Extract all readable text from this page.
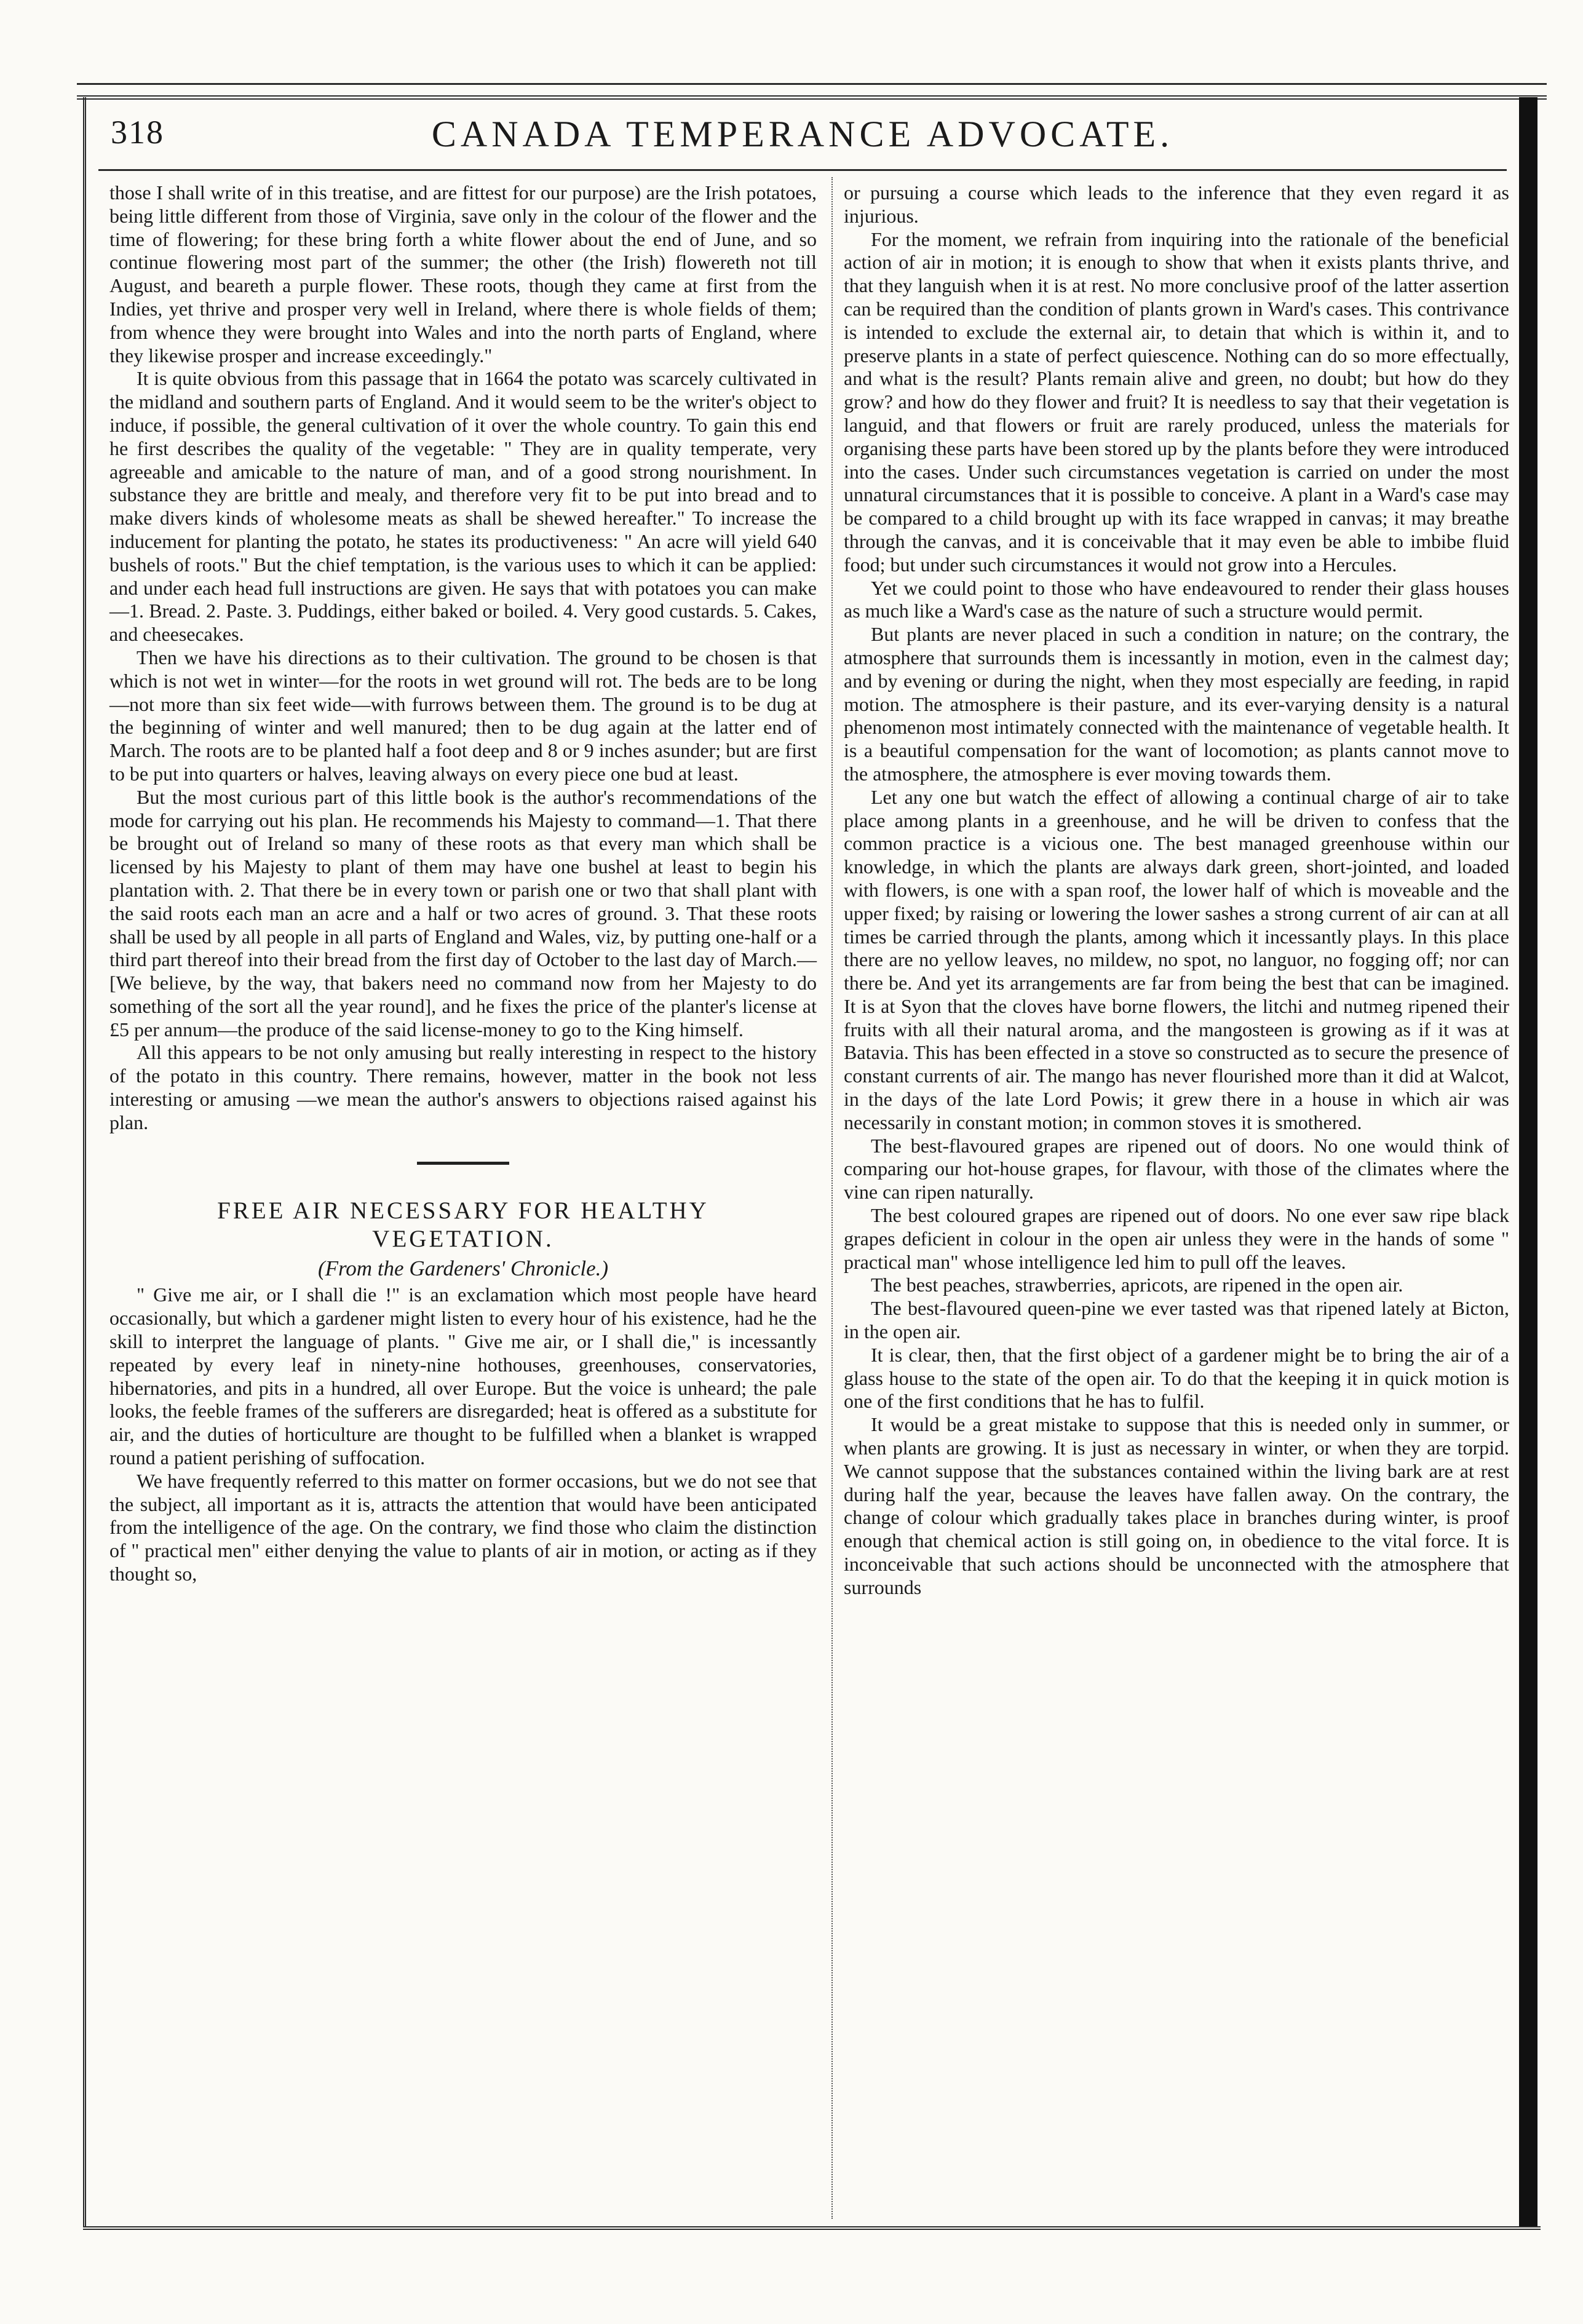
318	CANADA TEMPERANCE ADVOCATE.

those I shall write of in this treatise, and are fittest for our purpose) are the Irish potatoes, being little different from those of Virginia, save only in the colour of the flower and the time of flowering; for these bring forth a white flower about the end of June, and so continue flowering most part of the summer; the other (the Irish) flowereth not till August, and beareth a purple flower. These roots, though they came at first from the Indies, yet thrive and prosper very well in Ireland, where there is whole fields of them; from whence they were brought into Wales and into the north parts of England, where they likewise prosper and increase exceedingly."

It is quite obvious from this passage that in 1664 the potato was scarcely cultivated in the midland and southern parts of England. And it would seem to be the writer's object to induce, if possible, the general cultivation of it over the whole country. To gain this end he first describes the quality of the vegetable: " They are in quality temperate, very agreeable and amicable to the nature of man, and of a good strong nourishment. In substance they are brittle and mealy, and therefore very fit to be put into bread and to make divers kinds of wholesome meats as shall be shewed hereafter." To increase the inducement for planting the potato, he states its productiveness: " An acre will yield 640 bushels of roots." But the chief temptation, is the various uses to which it can be applied: and under each head full instructions are given. He says that with potatoes you can make—1. Bread. 2. Paste. 3. Puddings, either baked or boiled. 4. Very good custards. 5. Cakes, and cheesecakes.

Then we have his directions as to their cultivation. The ground to be chosen is that which is not wet in winter—for the roots in wet ground will rot. The beds are to be long—not more than six feet wide—with furrows between them. The ground is to be dug at the beginning of winter and well manured; then to be dug again at the latter end of March. The roots are to be planted half a foot deep and 8 or 9 inches asunder; but are first to be put into quarters or halves, leaving always on every piece one bud at least.

But the most curious part of this little book is the author's recommendations of the mode for carrying out his plan. He recommends his Majesty to command—1. That there be brought out of Ireland so many of these roots as that every man which shall be licensed by his Majesty to plant of them may have one bushel at least to begin his plantation with. 2. That there be in every town or parish one or two that shall plant with the said roots each man an acre and a half or two acres of ground. 3. That these roots shall be used by all people in all parts of England and Wales, viz, by putting one-half or a third part thereof into their bread from the first day of October to the last day of March.—[We believe, by the way, that bakers need no command now from her Majesty to do something of the sort all the year round], and he fixes the price of the planter's license at £5 per annum—the produce of the said license-money to go to the King himself.

All this appears to be not only amusing but really interesting in respect to the history of the potato in this country. There remains, however, matter in the book not less interesting or amusing —we mean the author's answers to objections raised against his plan.

FREE AIR NECESSARY FOR HEALTHY VEGETATION.
(From the Gardeners' Chronicle.)

" Give me air, or I shall die !" is an exclamation which most people have heard occasionally, but which a gardener might listen to every hour of his existence, had he the skill to interpret the language of plants. " Give me air, or I shall die," is incessantly repeated by every leaf in ninety-nine hothouses, greenhouses, conservatories, hibernatories, and pits in a hundred, all over Europe. But the voice is unheard; the pale looks, the feeble frames of the sufferers are disregarded; heat is offered as a substitute for air, and the duties of horticulture are thought to be fulfilled when a blanket is wrapped round a patient perishing of suffocation.

We have frequently referred to this matter on former occasions, but we do not see that the subject, all important as it is, attracts the attention that would have been anticipated from the intelligence of the age. On the contrary, we find those who claim the distinction of " practical men" either denying the value to plants of air in motion, or acting as if they thought so,

or pursuing a course which leads to the inference that they even regard it as injurious.

For the moment, we refrain from inquiring into the rationale of the beneficial action of air in motion; it is enough to show that when it exists plants thrive, and that they languish when it is at rest. No more conclusive proof of the latter assertion can be required than the condition of plants grown in Ward's cases. This contrivance is intended to exclude the external air, to detain that which is within it, and to preserve plants in a state of perfect quiescence. Nothing can do so more effectually, and what is the result? Plants remain alive and green, no doubt; but how do they grow? and how do they flower and fruit? It is needless to say that their vegetation is languid, and that flowers or fruit are rarely produced, unless the materials for organising these parts have been stored up by the plants before they were introduced into the cases. Under such circumstances vegetation is carried on under the most unnatural circumstances that it is possible to conceive. A plant in a Ward's case may be compared to a child brought up with its face wrapped in canvas; it may breathe through the canvas, and it is conceivable that it may even be able to imbibe fluid food; but under such circumstances it would not grow into a Hercules.

Yet we could point to those who have endeavoured to render their glass houses as much like a Ward's case as the nature of such a structure would permit.

But plants are never placed in such a condition in nature; on the contrary, the atmosphere that surrounds them is incessantly in motion, even in the calmest day; and by evening or during the night, when they most especially are feeding, in rapid motion. The atmosphere is their pasture, and its ever-varying density is a natural phenomenon most intimately connected with the maintenance of vegetable health. It is a beautiful compensation for the want of locomotion; as plants cannot move to the atmosphere, the atmosphere is ever moving towards them.

Let any one but watch the effect of allowing a continual charge of air to take place among plants in a greenhouse, and he will be driven to confess that the common practice is a vicious one. The best managed greenhouse within our knowledge, in which the plants are always dark green, short-jointed, and loaded with flowers, is one with a span roof, the lower half of which is moveable and the upper fixed; by raising or lowering the lower sashes a strong current of air can at all times be carried through the plants, among which it incessantly plays. In this place there are no yellow leaves, no mildew, no spot, no languor, no fogging off; nor can there be. And yet its arrangements are far from being the best that can be imagined. It is at Syon that the cloves have borne flowers, the litchi and nutmeg ripened their fruits with all their natural aroma, and the mangosteen is growing as if it was at Batavia. This has been effected in a stove so constructed as to secure the presence of constant currents of air. The mango has never flourished more than it did at Walcot, in the days of the late Lord Powis; it grew there in a house in which air was necessarily in constant motion; in common stoves it is smothered.

The best-flavoured grapes are ripened out of doors. No one would think of comparing our hot-house grapes, for flavour, with those of the climates where the vine can ripen naturally.

The best coloured grapes are ripened out of doors. No one ever saw ripe black grapes deficient in colour in the open air unless they were in the hands of some " practical man" whose intelligence led him to pull off the leaves.

The best peaches, strawberries, apricots, are ripened in the open air.

The best-flavoured queen-pine we ever tasted was that ripened lately at Bicton, in the open air.

It is clear, then, that the first object of a gardener might be to bring the air of a glass house to the state of the open air. To do that the keeping it in quick motion is one of the first conditions that he has to fulfil.

It would be a great mistake to suppose that this is needed only in summer, or when plants are growing. It is just as necessary in winter, or when they are torpid. We cannot suppose that the substances contained within the living bark are at rest during half the year, because the leaves have fallen away. On the contrary, the change of colour which gradually takes place in branches during winter, is proof enough that chemical action is still going on, in obedience to the vital force. It is inconceivable that such actions should be unconnected with the atmosphere that surrounds
